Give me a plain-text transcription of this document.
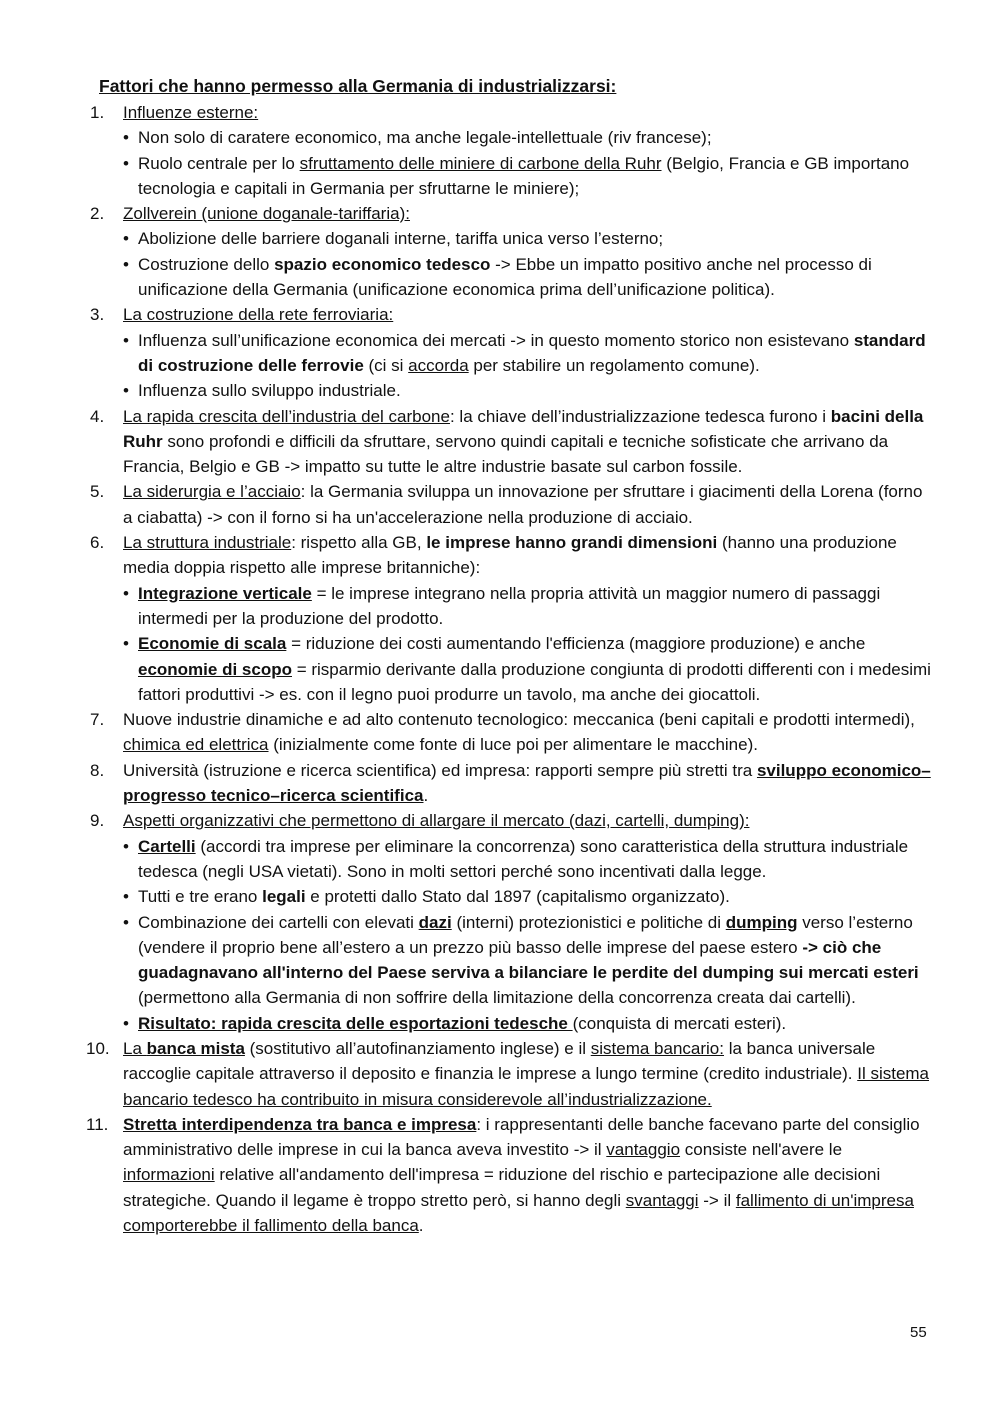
Fattori che hanno permesso alla Germania di industrializzarsi:
1.	Influenze esterne:
• Non solo di caratere economico, ma anche legale-intellettuale (riv francese);
• Ruolo centrale per lo sfruttamento delle miniere di carbone della Ruhr (Belgio, Francia e GB importano tecnologia e capitali in Germania per sfruttarne le miniere);
2.	Zollverein (unione doganale-tariffaria):
• Abolizione delle barriere doganali interne, tariffa unica verso l’esterno;
• Costruzione dello spazio economico tedesco -> Ebbe un impatto positivo anche nel processo di unificazione della Germania (unificazione economica prima dell’unificazione politica).
3.	La costruzione della rete ferroviaria:
• Influenza sull’unificazione economica dei mercati -> in questo momento storico non esistevano standard di costruzione delle ferrovie (ci si accorda per stabilire un regolamento comune).
• Influenza sullo sviluppo industriale.
4.	La rapida crescita dell’industria del carbone: la chiave dell’industrializzazione tedesca furono i bacini della Ruhr sono profondi e difficili da sfruttare, servono quindi capitali e tecniche sofisticate che arrivano da Francia, Belgio e GB -> impatto su tutte le altre industrie basate sul carbon fossile.
5.	La siderurgia e l’acciaio: la Germania sviluppa un innovazione per sfruttare i giacimenti della Lorena (forno a ciabatta) -> con il forno si ha un'accelerazione nella produzione di acciaio.
6.	La struttura industriale: rispetto alla GB, le imprese hanno grandi dimensioni (hanno una produzione media doppia rispetto alle imprese britanniche):
• Integrazione verticale = le imprese integrano nella propria attività un maggior numero di passaggi intermedi per la produzione del prodotto.
• Economie di scala = riduzione dei costi aumentando l'efficienza (maggiore produzione) e anche economie di scopo = risparmio derivante dalla produzione congiunta di prodotti differenti con i medesimi fattori produttivi -> es. con il legno puoi produrre un tavolo, ma anche dei giocattoli.
7.	Nuove industrie dinamiche e ad alto contenuto tecnologico: meccanica (beni capitali e prodotti intermedi), chimica ed elettrica (inizialmente come fonte di luce poi per alimentare le macchine).
8.	Università (istruzione e ricerca scientifica) ed impresa: rapporti sempre più stretti tra sviluppo economico–progresso tecnico–ricerca scientifica.
9.	Aspetti organizzativi che permettono di allargare il mercato (dazi, cartelli, dumping):
• Cartelli (accordi tra imprese per eliminare la concorrenza) sono caratteristica della struttura industriale tedesca (negli USA vietati). Sono in molti settori perché sono incentivati dalla legge.
• Tutti e tre erano legali e protetti dallo Stato dal 1897 (capitalismo organizzato).
• Combinazione dei cartelli con elevati dazi (interni) protezionistici e politiche di dumping verso l’esterno (vendere il proprio bene all’estero a un prezzo più basso delle imprese del paese estero -> ciò che guadagnavano all'interno del Paese serviva a bilanciare le perdite del dumping sui mercati esteri (permettono alla Germania di non soffrire della limitazione della concorrenza creata dai cartelli).
• Risultato: rapida crescita delle esportazioni tedesche (conquista di mercati esteri).
10. La banca mista (sostitutivo all’autofinanziamento inglese) e il sistema bancario: la banca universale raccoglie capitale attraverso il deposito e finanzia le imprese a lungo termine (credito industriale). Il sistema bancario tedesco ha contribuito in misura considerevole all’industrializzazione.
11. Stretta interdipendenza tra banca e impresa: i rappresentanti delle banche facevano parte del consiglio amministrativo delle imprese in cui la banca aveva investito -> il vantaggio consiste nell'avere le informazioni relative all'andamento dell'impresa = riduzione del rischio e partecipazione alle decisioni strategiche. Quando il legame è troppo stretto però, si hanno degli svantaggi -> il fallimento di un'impresa comporterebbe il fallimento della banca.
55
